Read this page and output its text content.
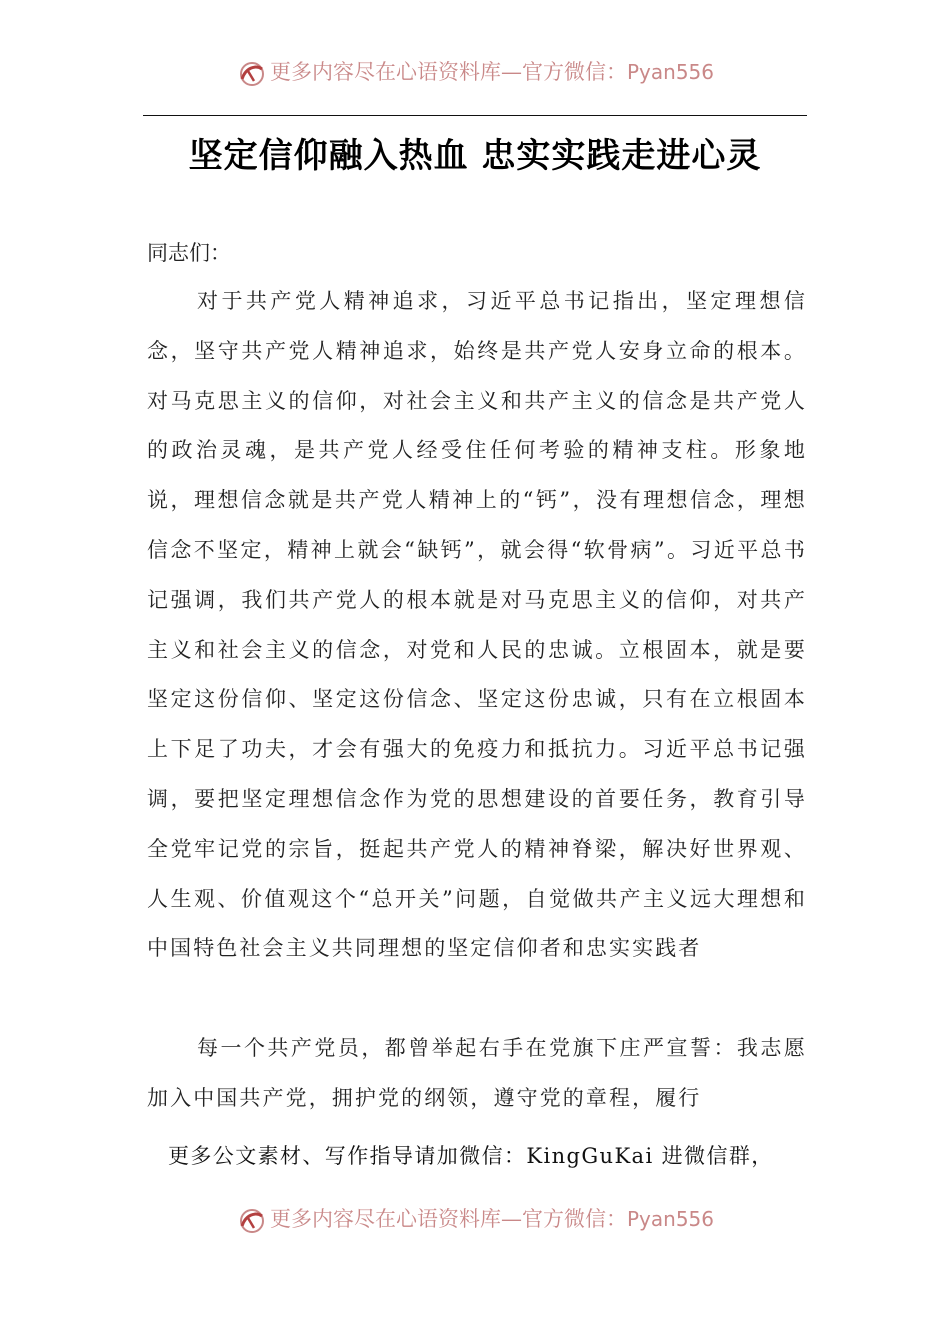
更多内容尽在心语资料库—官方微信：Pyan556
坚定信仰融入热血 忠实实践走进心灵
同志们：
对于共产党人精神追求，习近平总书记指出，坚定理想信念，坚守共产党人精神追求，始终是共产党人安身立命的根本。对马克思主义的信仰，对社会主义和共产主义的信念是共产党人的政治灵魂，是共产党人经受住任何考验的精神支柱。形象地说，理想信念就是共产党人精神上的“钙”，没有理想信念，理想信念不坚定，精神上就会“缺钙”，就会得“软骨病”。习近平总书记强调，我们共产党人的根本就是对马克思主义的信仰，对共产主义和社会主义的信念，对党和人民的忠诚。立根固本，就是要坚定这份信仰、坚定这份信念、坚定这份忠诚，只有在立根固本上下足了功夫，才会有强大的免疫力和抵抗力。习近平总书记强调，要把坚定理想信念作为党的思想建设的首要任务，教育引导全党牢记党的宗旨，挺起共产党人的精神脊梁，解决好世界观、人生观、价值观这个“总开关”问题，自觉做共产主义远大理想和中国特色社会主义共同理想的坚定信仰者和忠实实践者
每一个共产党员，都曾举起右手在党旗下庄严宣誓：我志愿加入中国共产党，拥护党的纲领，遵守党的章程，履行
更多公文素材、写作指导请加微信：KingGuKai 进微信群，
更多内容尽在心语资料库—官方微信：Pyan556
